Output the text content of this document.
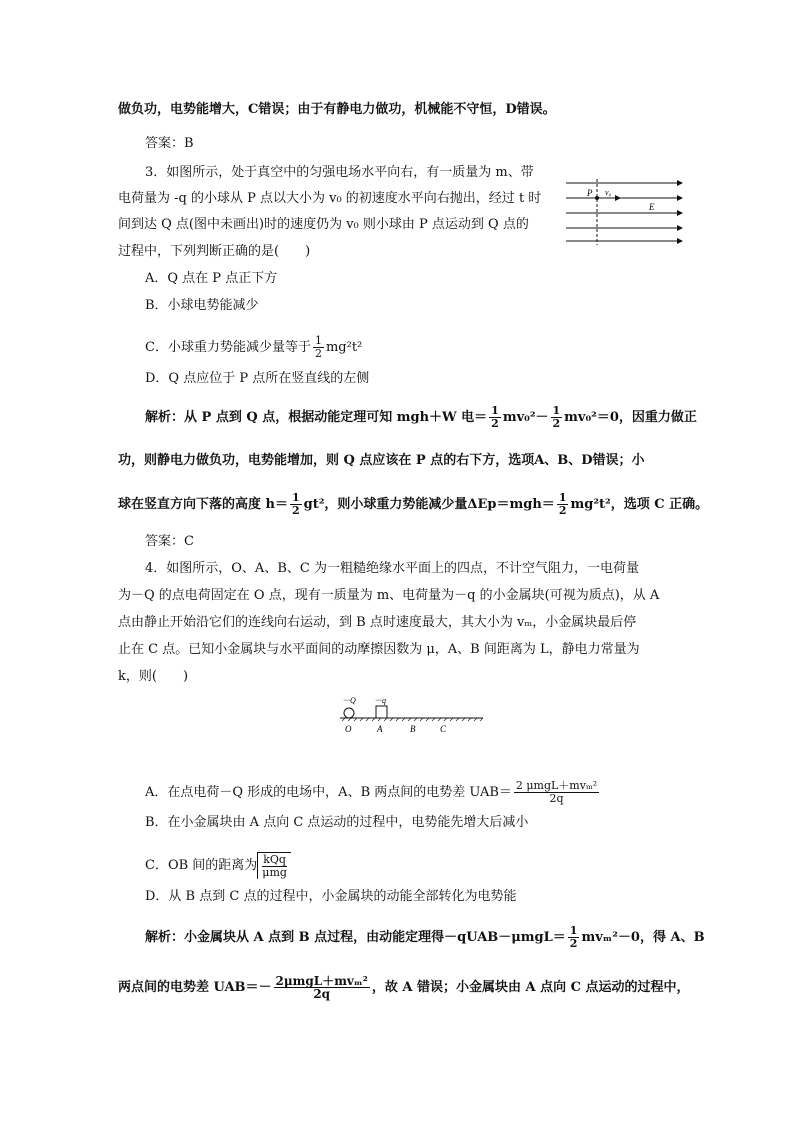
做负功，电势能增大，C错误；由于有静电力做功，机械能不守恒，D错误。
答案：B
3．如图所示，处于真空中的匀强电场水平向右，有一质量为 m、带
电荷量为 -q 的小球从 P 点以大小为 v₀ 的初速度水平向右抛出，经过 t 时
间到达 Q 点(图中未画出)时的速度仍为 v₀ 则小球由 P 点运动到 Q 点的
过程中，下列判断正确的是(　　)
P v₀
E
A．Q 点在 P 点正下方
B．小球电势能减少
C．小球重力势能减少量等于 $\frac{1}{2} mg^2t^2$
D．Q 点应位于 P 点所在竖直线的左侧
解析：从 P 点到 Q 点，根据动能定理可知 mgh＋W 电＝ $\frac{1}{2} mv_0^2- \frac{1}{2} mv_0^2=0$，因重力做正
功，则静电力做负功，电势能增加，则 Q 点应该在 P 点的右下方，选项A、B、D错误；小
球在竖直方向下落的高度 $h= \frac{1}{2} gt^2$，则小球重力势能减少量$\Delta Ep=mgh= \frac{1}{2} mg^2t^2$，选项 C 正确。
答案：C
4．如图所示，O、A、B、C 为一粗糙绝缘水平面上的四点，不计空气阻力，一电荷量
为－Q 的点电荷固定在 O 点，现有一质量为 m、电荷量为－q 的小金属块(可视为质点)，从 A
点由静止开始沿它们的连线向右运动，到 B 点时速度最大，其大小为 vₘ，小金属块最后停
止在 C 点。已知小金属块与水平面间的动摩擦因数为 μ，A、B 间距离为 L，静电力常量为
k，则(　　)
－Q －q
O	A	B	C
A．在点电荷－Q 形成的电场中，A、B 两点间的电势差 $UAB= \frac{\text{2 μmgL＋mvₘ²}}{2q}$
B．在小金属块由 A 点向 C 点运动的过程中，电势能先增大后减小
C．OB 间的距离为 kQq
μmg
D．从 B 点到 C 点的过程中，小金属块的动能全部转化为电势能
解析：小金属块从 A 点到 B 点过程，由动能定理得－qUAB－μmgL＝ $\frac{1}{2} mv_m^2-0$，得 A、B
两点间的电势差 $UAB=- \frac{\text{2μmgL＋mvₘ²}}{2q}$ ，故 A 错误；小金属块由 A 点向 C 点运动的过程中，
